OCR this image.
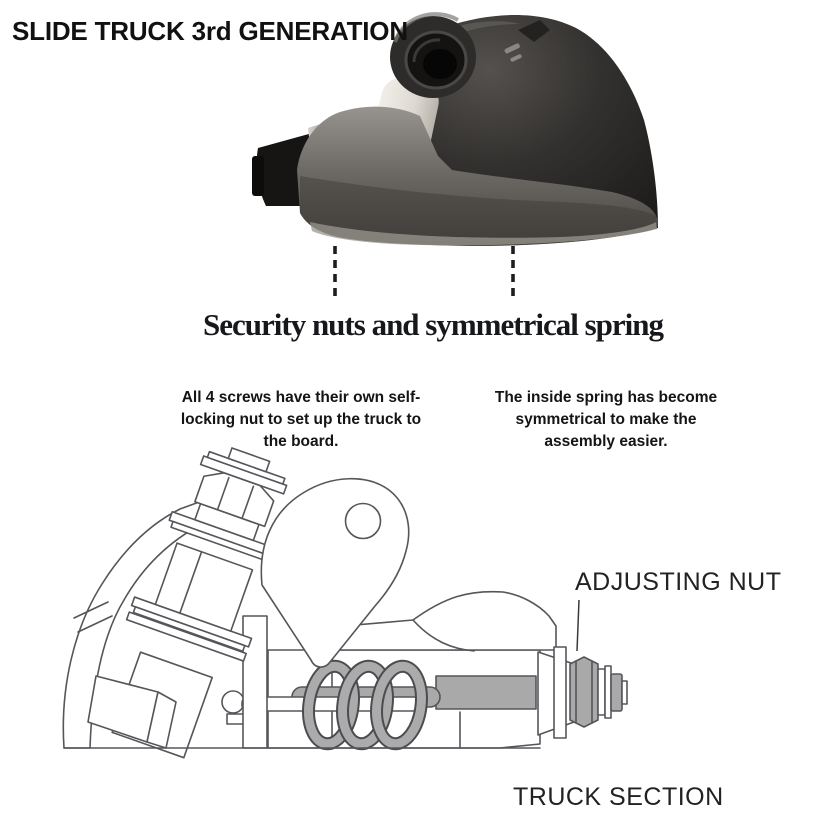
SLIDE TRUCK 3rd GENERATION
Security nuts and symmetrical spring
All 4 screws have their own self-
locking nut to set up the truck to
the board.
The inside spring has become
symmetrical to make the
assembly easier.
ADJUSTING NUT
TRUCK SECTION
